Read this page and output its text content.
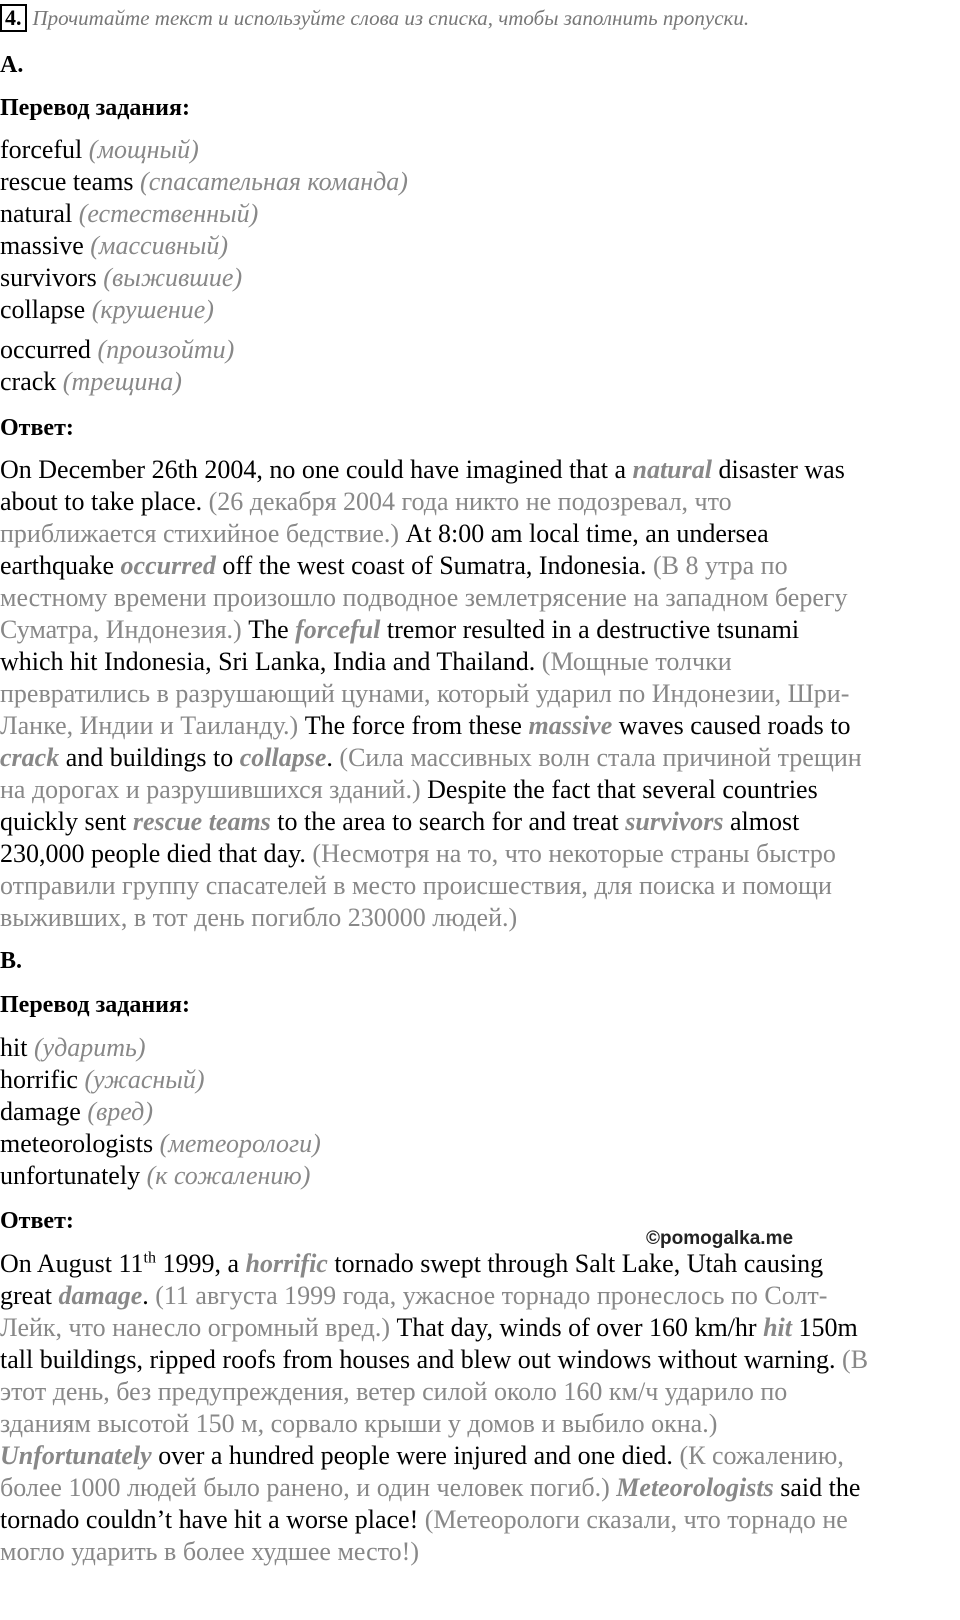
4. Прочитайте текст и используйте слова из списка, чтобы заполнить пропуски.
A.
Перевод задания:
forceful (мощный)
rescue teams (спасательная команда)
natural (естественный)
massive (массивный)
survivors (выжившие)
collapse (крушение)
occurred (произойти)
crack (трещина)
Ответ:
On December 26th 2004, no one could have imagined that a natural disaster was
about to take place. (26 декабря 2004 года никто не подозревал, что
приближается стихийное бедствие.) At 8:00 am local time, an undersea
earthquake occurred off the west coast of Sumatra, Indonesia. (В 8 утра по
местному времени произошло подводное землетрясение на западном берегу
Суматра, Индонезия.) The forceful tremor resulted in a destructive tsunami
which hit Indonesia, Sri Lanka, India and Thailand. (Мощные толчки
превратились в разрушающий цунами, который ударил по Индонезии, Шри-
Ланке, Индии и Таиланду.) The force from these massive waves caused roads to
crack and buildings to collapse. (Сила массивных волн стала причиной трещин
на дорогах и разрушившихся зданий.) Despite the fact that several countries
quickly sent rescue teams to the area to search for and treat survivors almost
230,000 people died that day. (Несмотря на то, что некоторые страны быстро
отправили группу спасателей в место происшествия, для поиска и помощи
выживших, в тот день погибло 230000 людей.)
B.
Перевод задания:
hit (ударить)
horrific (ужасный)
damage (вред)
meteorologists (метеорологи)
unfortunately (к сожалению)
Ответ:
©pomogalka.me
On August 11th 1999, a horrific tornado swept through Salt Lake, Utah causing
great damage. (11 августа 1999 года, ужасное торнадо пронеслось по Солт-
Лейк, что нанесло огромный вред.) That day, winds of over 160 km/hr hit 150m
tall buildings, ripped roofs from houses and blew out windows without warning. (В
этот день, без предупреждения, ветер силой около 160 км/ч ударило по
зданиям высотой 150 м, сорвало крыши у домов и выбило окна.)
Unfortunately over a hundred people were injured and one died. (К сожалению,
более 1000 людей было ранено, и один человек погиб.) Meteorologists said the
tornado couldn’t have hit a worse place! (Метеорологи сказали, что торнадо не
могло ударить в более худшее место!)
